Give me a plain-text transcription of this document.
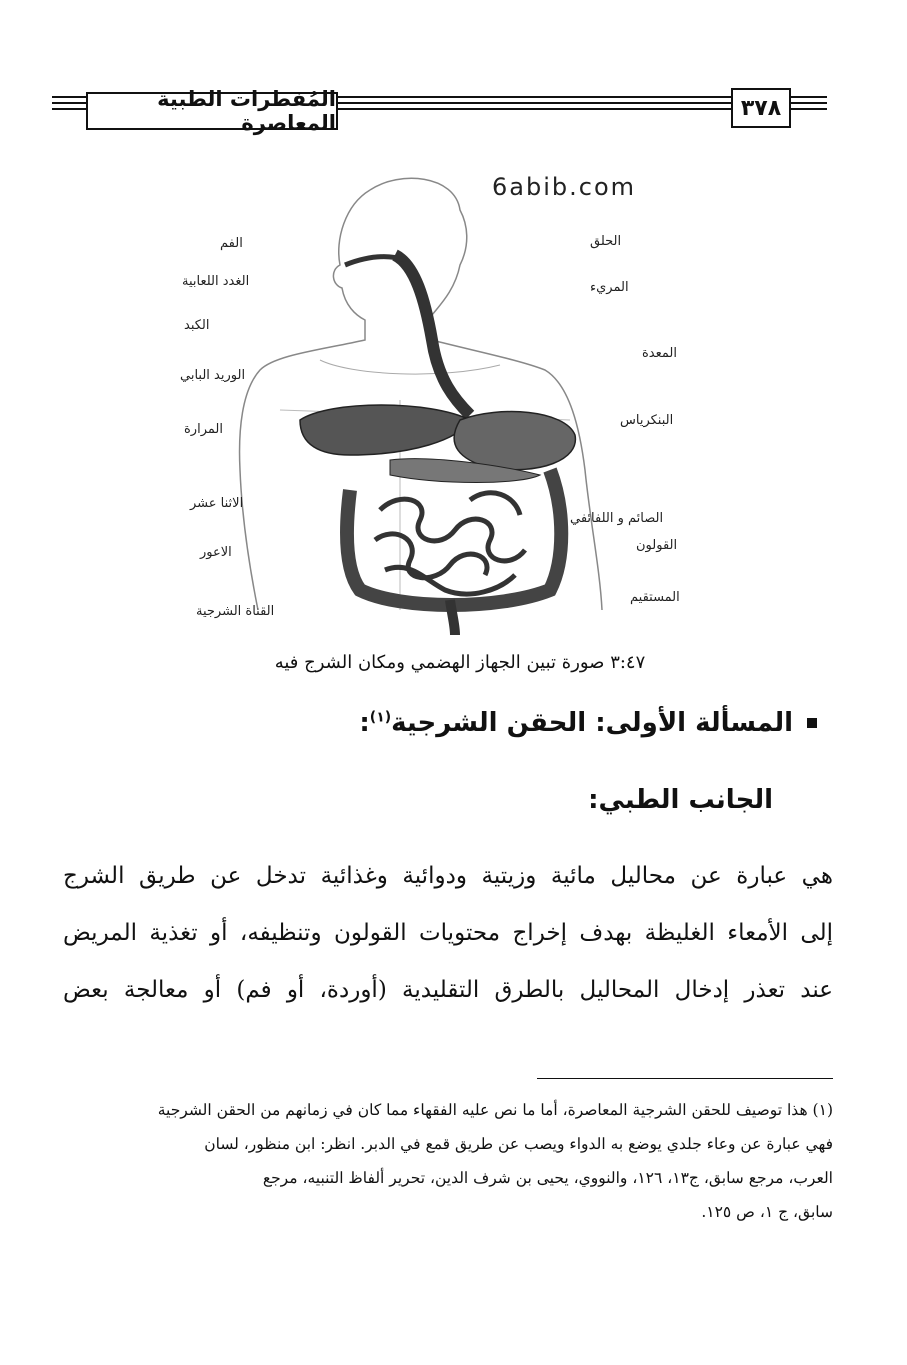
٣٧٨
المُفطرات الطبية المعاصرة
6abib.com
الفم
الغدد اللعابية
الكبد
الوريد البابي
المرارة
الاثنا عشر
الاعور
القناة الشرجية
الحلق
المريء
المعدة
البنكرياس
الصائم و اللفائفي
القولون
المستقيم
٣:٤٧ صورة تبين الجهاز الهضمي ومكان الشرج فيه
المسألة الأولى: الحقن الشرجية$^{(١)}$:
الجانب الطبي:

هي عبارة عن محاليل مائية وزيتية ودوائية وغذائية تدخل عن طريق الشرج

إلى الأمعاء الغليظة بهدف إخراج محتويات القولون وتنظيفه، أو تغذية المريض

عند تعذر إدخال المحاليل بالطرق التقليدية (أوردة، أو فم) أو معالجة بعض

(١) هذا توصيف للحقن الشرجية المعاصرة، أما ما نص عليه الفقهاء مما كان في زمانهم من الحقن الشرجية

فهي عبارة عن وعاء جلدي يوضع به الدواء ويصب عن طريق قمع في الدبر. انظر: ابن منظور، لسان

العرب، مرجع سابق، ج١٣، ١٢٦، والنووي، يحيى بن شرف الدين، تحرير ألفاظ التنبيه، مرجع

سابق، ج ١، ص ١٢٥.
